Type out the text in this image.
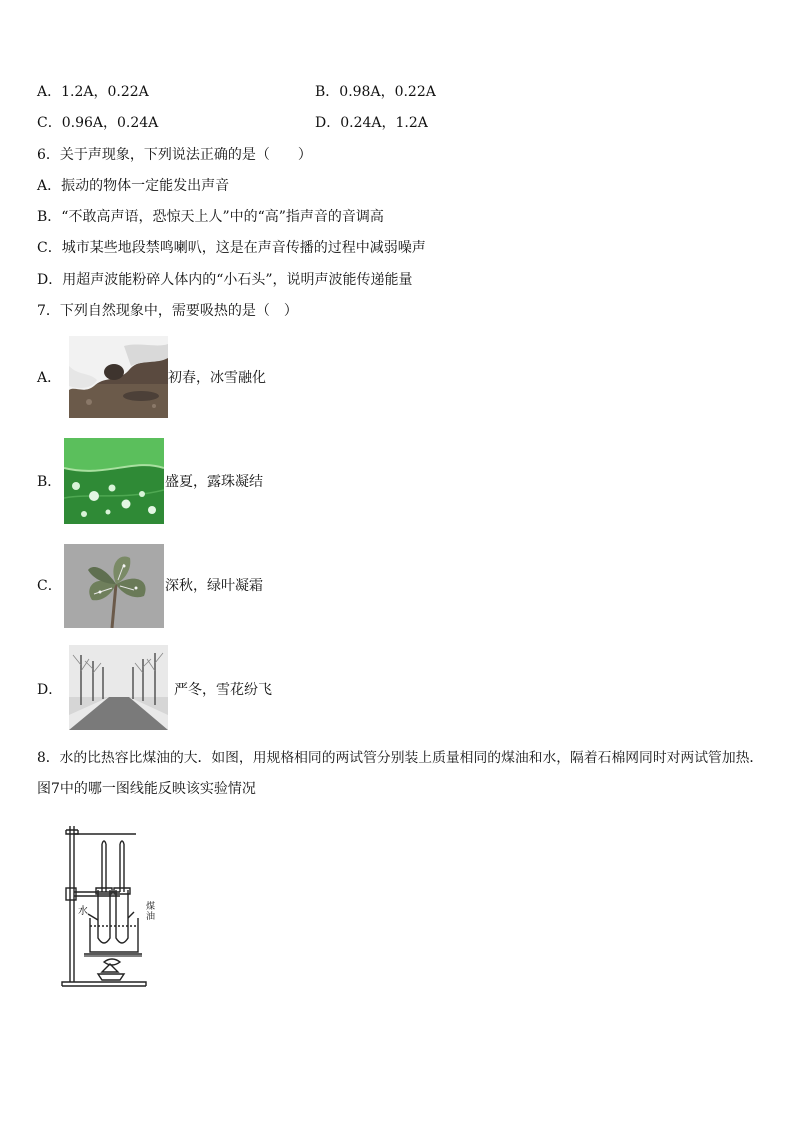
A．1.2A，0.22A	B．0.98A，0.22A
C．0.96A，0.24A	D．0.24A，1.2A
6．关于声现象，下列说法正确的是（　　）
A．振动的物体一定能发出声音
B．“不敢高声语，恐惊天上人”中的“高”指声音的音调高
C．城市某些地段禁鸣喇叭，这是在声音传播的过程中减弱噪声
D．用超声波能粉碎人体内的“小石头”，说明声波能传递能量
7．下列自然现象中，需要吸热的是（　）
A．	初春，冰雪融化
B．	盛夏，露珠凝结
C．	深秋，绿叶凝霜
D．	严冬，雪花纷飞
8．水的比热容比煤油的大．如图，用规格相同的两试管分别装上质量相同的煤油和水，隔着石棉网同时对两试管加热．
图7中的哪一图线能反映该实验情况
水	煤油
